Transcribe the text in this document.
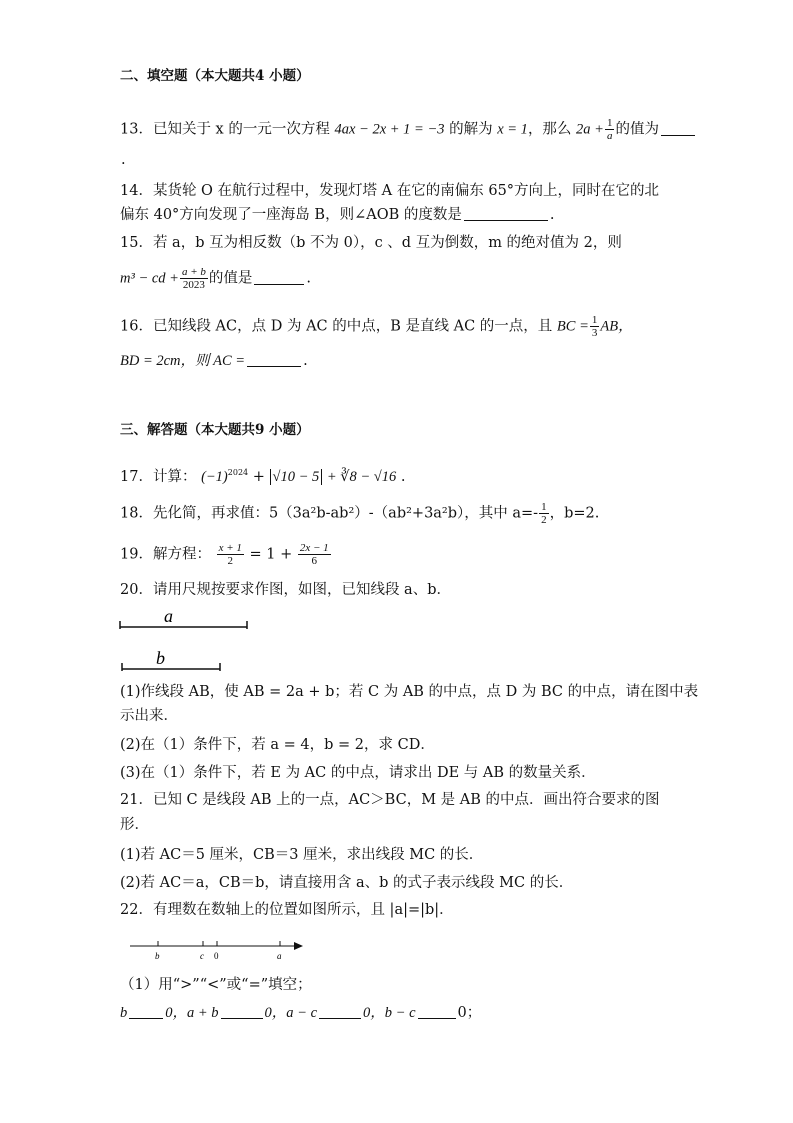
二、填空题（本大题共4 小题）
13．已知关于 x 的一元一次方程 4ax − 2x + 1 = −3 的解为 x = 1，那么 $2a + \frac{1}{a}$ 的值为
.
14．某货轮 O 在航行过程中，发现灯塔 A 在它的南偏东 65°方向上，同时在它的北
偏东 40°方向发现了一座海岛 B，则∠AOB 的度数是	.
15．若 a，b 互为相反数（b 不为 0），c 、d 互为倒数，m 的绝对值为 2，则
m³ − cd + $\frac{a + b}{2023}$ 的值是	.
16．已知线段 AC，点 D 为 AC 的中点，B 是直线 AC 的一点，且 BC = $\frac{1}{3}$ AB，
BD = 2cm，则 AC =	.
三、解答题（本大题共9 小题）
17．计算： $(-1)^{2024} + √10 - 5$ + ∛8 − √16 .
18．先化简，再求值：5（3a²b-ab²）-（ab²+3a²b），其中 $a=- \frac{1}{2}$ ，b=2.
19．解方程： $\frac{x + 1}{2} = 1 + \frac{2x - 1}{6}$
20．请用尺规按要求作图，如图，已知线段 a、b．
a
b
(1)作线段 AB，使 AB = 2a + b；若 C 为 AB 的中点，点 D 为 BC 的中点，请在图中表
示出来．
(2)在（1）条件下，若 a = 4，b = 2，求 CD．
(3)在（1）条件下，若 E 为 AC 的中点，请求出 DE 与 AB 的数量关系．
21．已知 C 是线段 AB 上的一点，AC＞BC，M 是 AB 的中点．画出符合要求的图
形．
(1)若 AC＝5 厘米，CB＝3 厘米，求出线段 MC 的长．
(2)若 AC＝a，CB＝b，请直接用含 a、b 的式子表示线段 MC 的长．
22．有理数在数轴上的位置如图所示，且 |a|=|b|．
b	c 0	a
（1）用“>”“<”或“=”填空；
b	0，a + b	0，a − c	0，b − c	0；
